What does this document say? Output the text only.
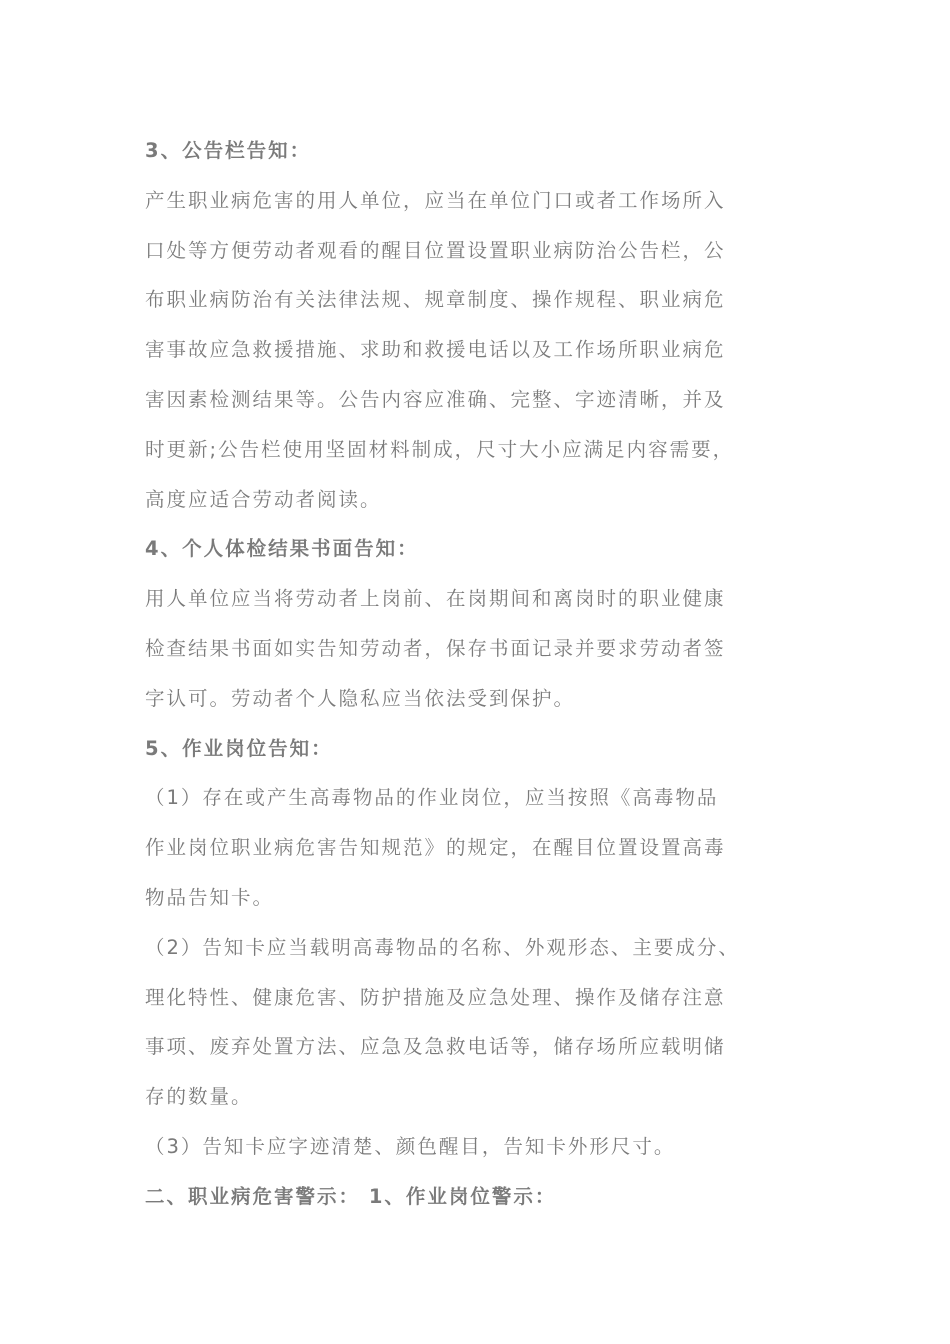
3、公告栏告知：
产生职业病危害的用人单位，应当在单位门口或者工作场所入
口处等方便劳动者观看的醒目位置设置职业病防治公告栏，公
布职业病防治有关法律法规、规章制度、操作规程、职业病危
害事故应急救援措施、求助和救援电话以及工作场所职业病危
害因素检测结果等。公告内容应准确、完整、字迹清晰，并及
时更新;公告栏使用坚固材料制成，尺寸大小应满足内容需要，
高度应适合劳动者阅读。
4、个人体检结果书面告知：
用人单位应当将劳动者上岗前、在岗期间和离岗时的职业健康
检查结果书面如实告知劳动者，保存书面记录并要求劳动者签
字认可。劳动者个人隐私应当依法受到保护。
5、作业岗位告知：
（1）存在或产生高毒物品的作业岗位，应当按照《高毒物品
作业岗位职业病危害告知规范》的规定，在醒目位置设置高毒
物品告知卡。
（2）告知卡应当载明高毒物品的名称、外观形态、主要成分、
理化特性、健康危害、防护措施及应急处理、操作及储存注意
事项、废弃处置方法、应急及急救电话等，储存场所应载明储
存的数量。
（3）告知卡应字迹清楚、颜色醒目，告知卡外形尺寸。
二、职业病危害警示： 1、作业岗位警示：
